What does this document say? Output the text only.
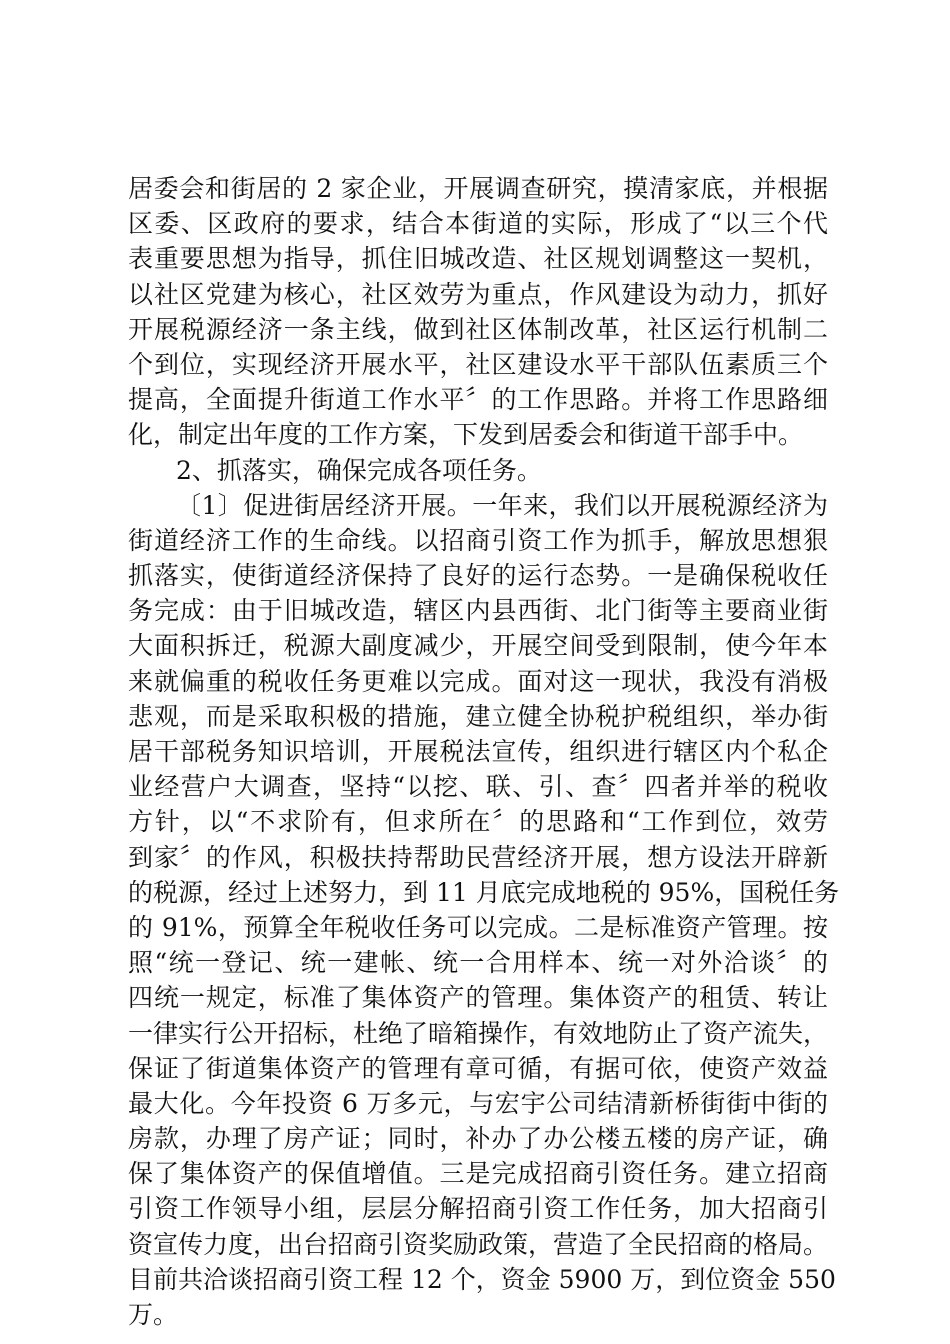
居委会和街居的 2 家企业，开展调查研究，摸清家底，并根据
区委、区政府的要求，结合本街道的实际，形成了“以三个代
表重要思想为指导，抓住旧城改造、社区规划调整这一契机，
以社区党建为核心，社区效劳为重点，作风建设为动力，抓好
开展税源经济一条主线，做到社区体制改革，社区运行机制二
个到位，实现经济开展水平，社区建设水平干部队伍素质三个
提高，全面提升街道工作水平〞的工作思路。并将工作思路细
化，制定出年度的工作方案，下发到居委会和街道干部手中。
2、抓落实，确保完成各项任务。
〔1〕促进街居经济开展。一年来，我们以开展税源经济为
街道经济工作的生命线。以招商引资工作为抓手，解放思想狠
抓落实，使街道经济保持了良好的运行态势。一是确保税收任
务完成：由于旧城改造，辖区内县西街、北门街等主要商业街
大面积拆迁，税源大副度减少，开展空间受到限制，使今年本
来就偏重的税收任务更难以完成。面对这一现状，我没有消极
悲观，而是采取积极的措施，建立健全协税护税组织，举办街
居干部税务知识培训，开展税法宣传，组织进行辖区内个私企
业经营户大调查，坚持“以挖、联、引、查〞四者并举的税收
方针，以“不求阶有，但求所在〞的思路和“工作到位，效劳
到家〞的作风，积极扶持帮助民营经济开展，想方设法开辟新
的税源，经过上述努力，到 11 月底完成地税的 95%，国税任务
的 91%，预算全年税收任务可以完成。二是标准资产管理。按
照“统一登记、统一建帐、统一合用样本、统一对外洽谈〞的
四统一规定，标准了集体资产的管理。集体资产的租赁、转让
一律实行公开招标，杜绝了暗箱操作，有效地防止了资产流失，
保证了街道集体资产的管理有章可循，有据可依，使资产效益
最大化。今年投资 6 万多元，与宏宇公司结清新桥街街中街的
房款，办理了房产证；同时，补办了办公楼五楼的房产证，确
保了集体资产的保值增值。三是完成招商引资任务。建立招商
引资工作领导小组，层层分解招商引资工作任务，加大招商引
资宣传力度，出台招商引资奖励政策，营造了全民招商的格局。
目前共洽谈招商引资工程 12 个，资金 5900 万，到位资金 550
万。
